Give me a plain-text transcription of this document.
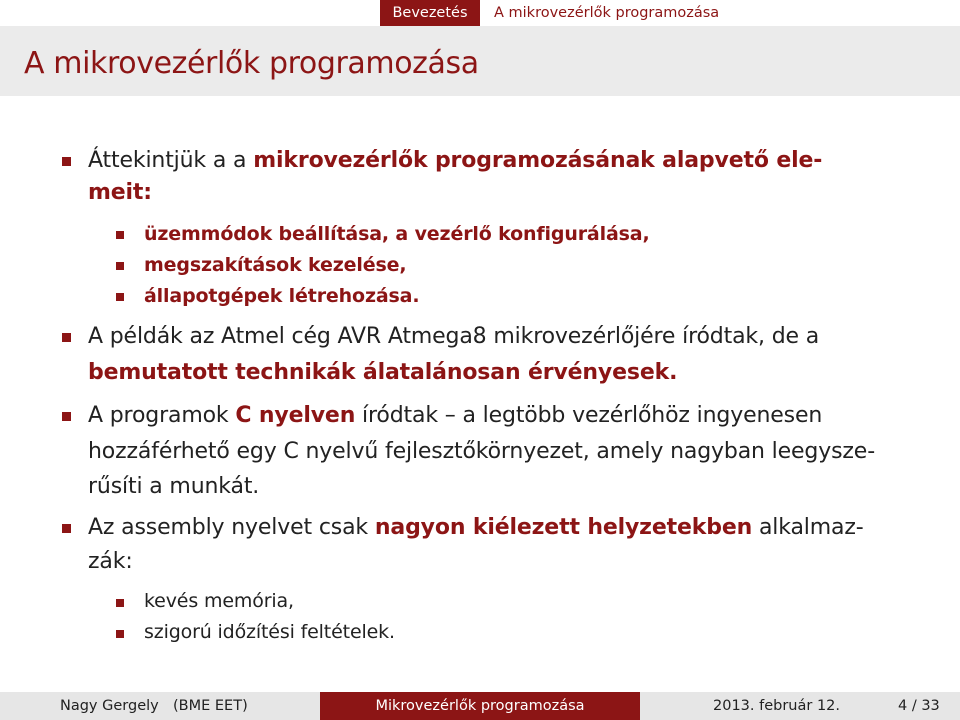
Bevezetés	A mikrovezérlők programozása
A mikrovezérlők programozása
Áttekintjük a a mikrovezérlők programozásának alapvető ele-
meit:
üzemmódok beállítása, a vezérlő konfigurálása,
megszakítások kezelése,
állapotgépek létrehozása.
A példák az Atmel cég AVR Atmega8 mikrovezérlőjére íródtak, de a
bemutatott technikák álatalánosan érvényesek.
A programok C nyelven íródtak – a legtöbb vezérlőhöz ingyenesen
hozzáférhető egy C nyelvű fejlesztőkörnyezet, amely nagyban leegysze-
rűsíti a munkát.
Az assembly nyelvet csak nagyon kiélezett helyzetekben alkalmaz-
zák:
kevés memória,
szigorú időzítési feltételek.
Nagy Gergely (BME EET)	Mikrovezérlők programozása	2013. február 12.	4 / 33
